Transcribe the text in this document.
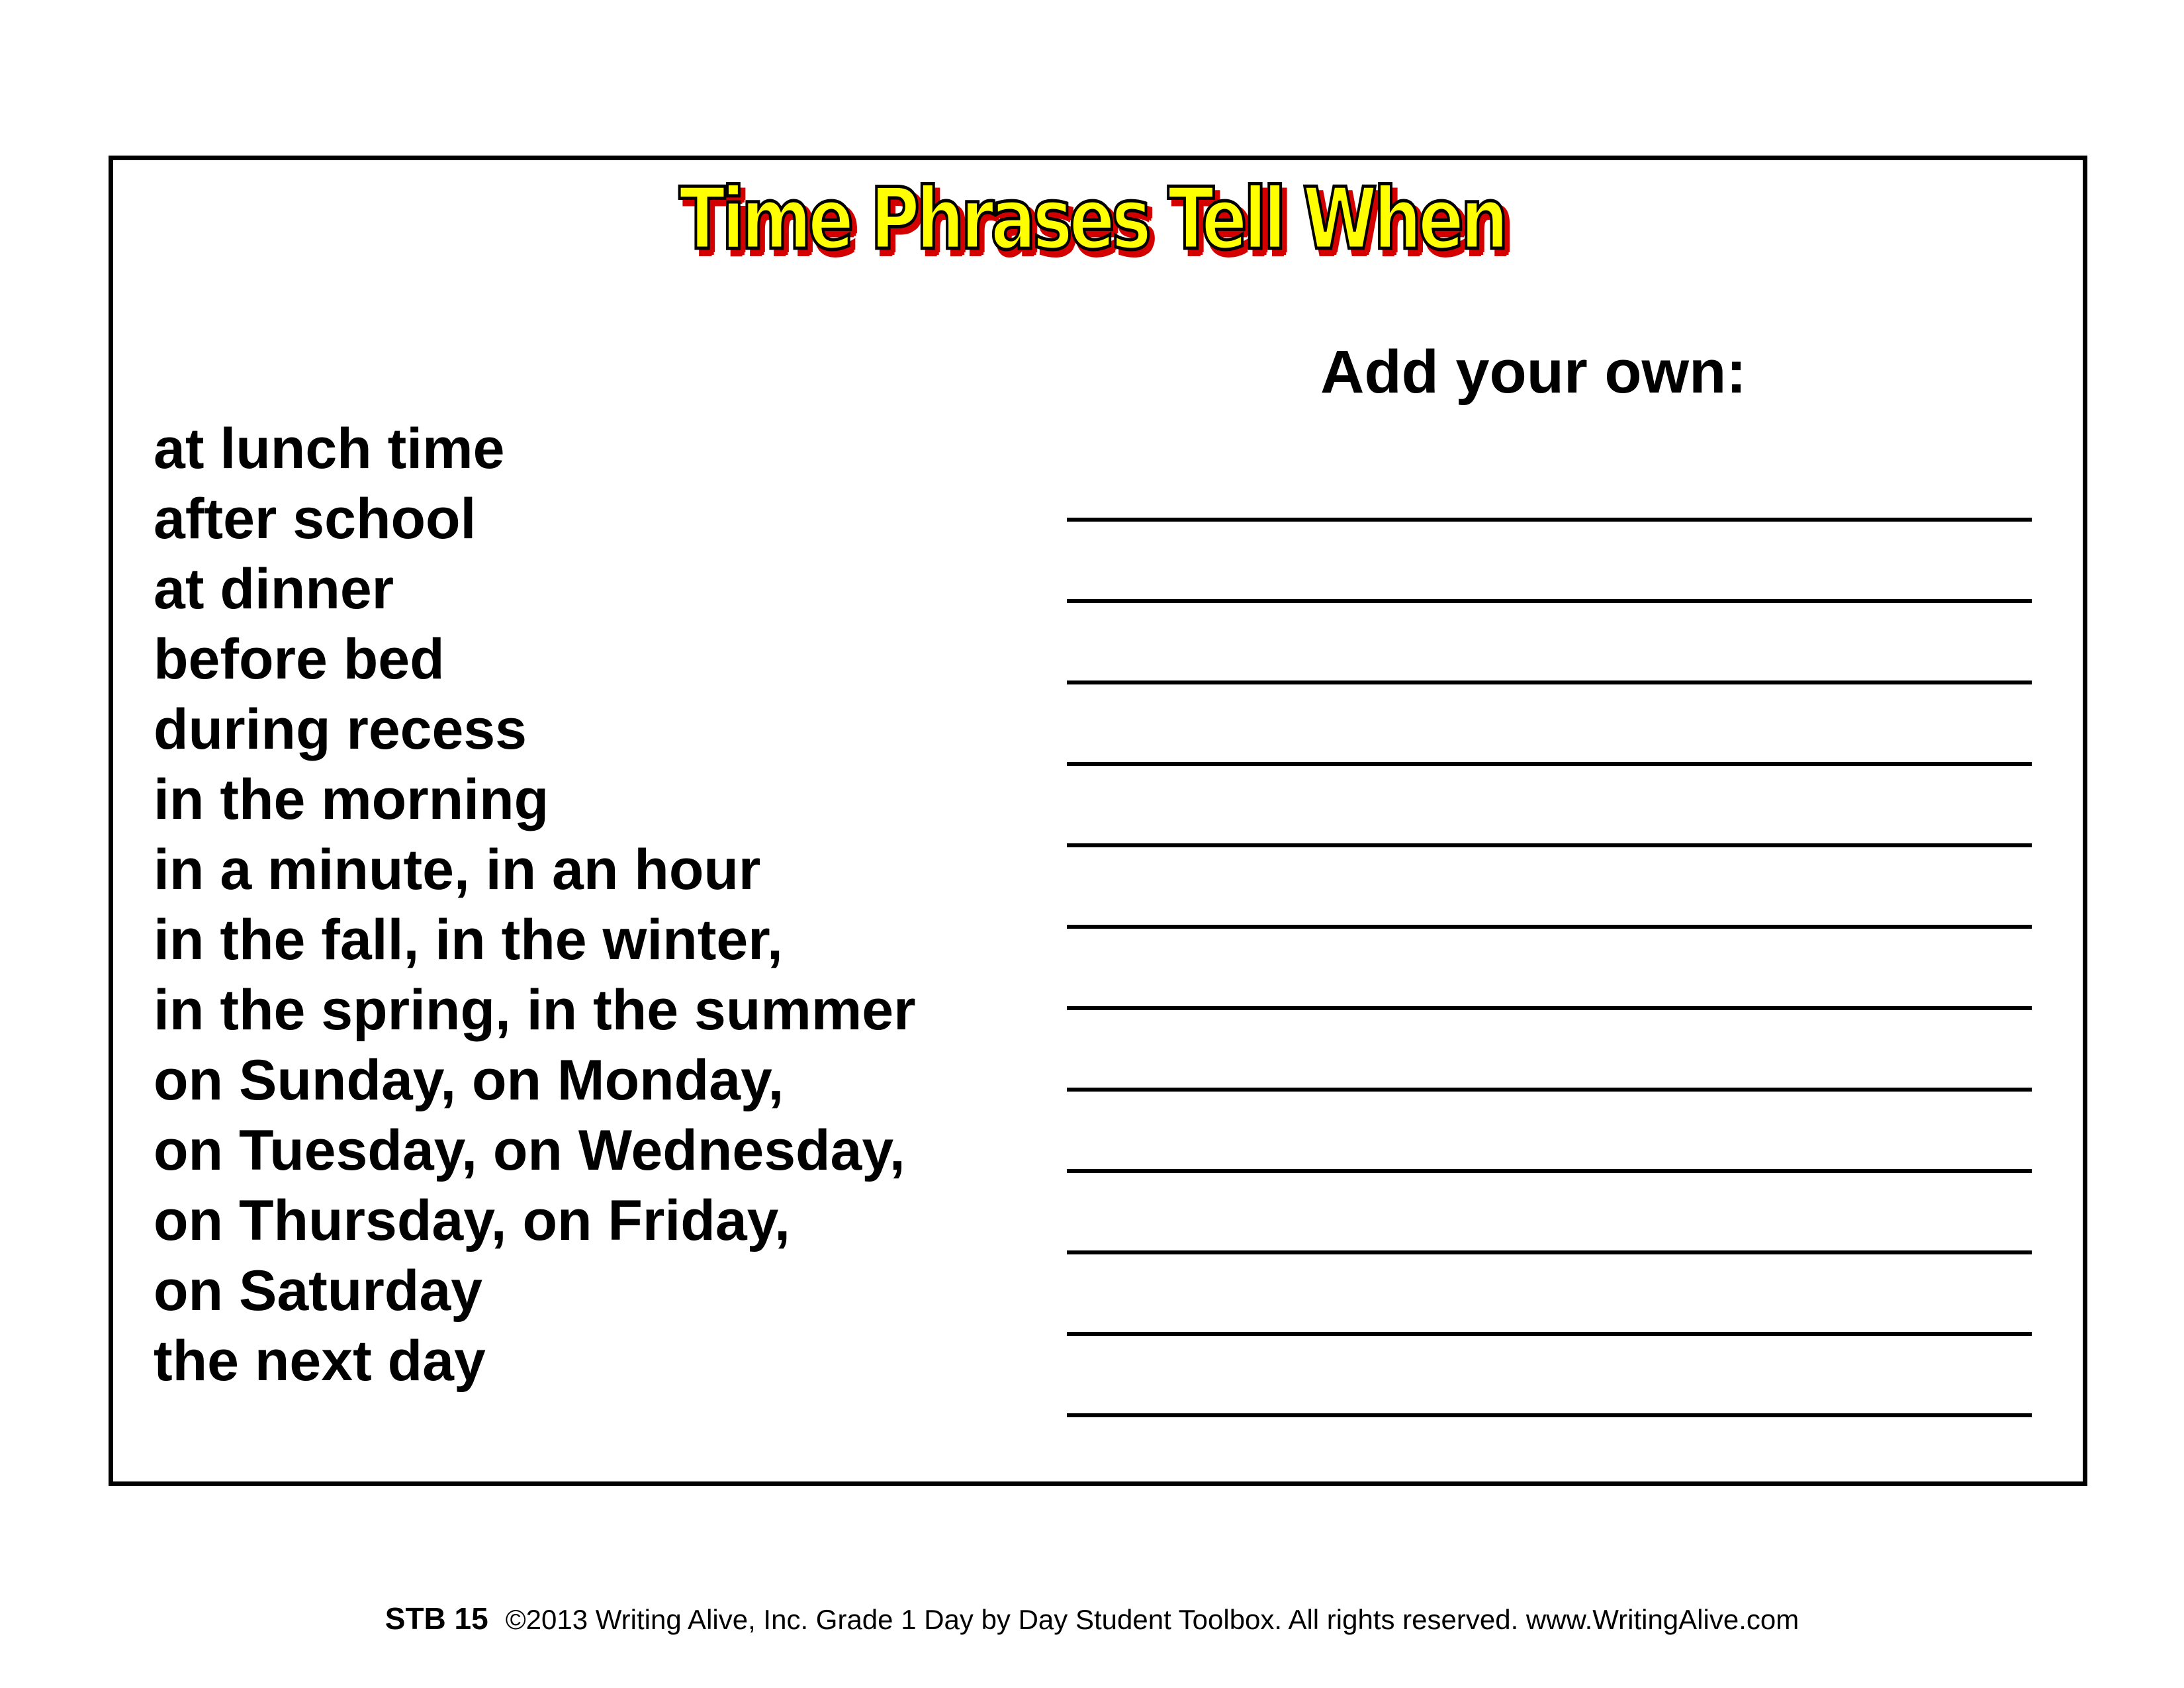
Time Phrases Tell When
Add your own:
at lunch time
after school
at dinner
before bed
during recess
in the morning
in a minute, in an hour
in the fall, in the winter,
in the spring, in the summer
on Sunday, on Monday,
on Tuesday, on Wednesday,
on Thursday, on Friday,
on Saturday
the next day
STB 15 ©2013 Writing Alive, Inc. Grade 1 Day by Day Student Toolbox. All rights reserved. www.WritingAlive.com
